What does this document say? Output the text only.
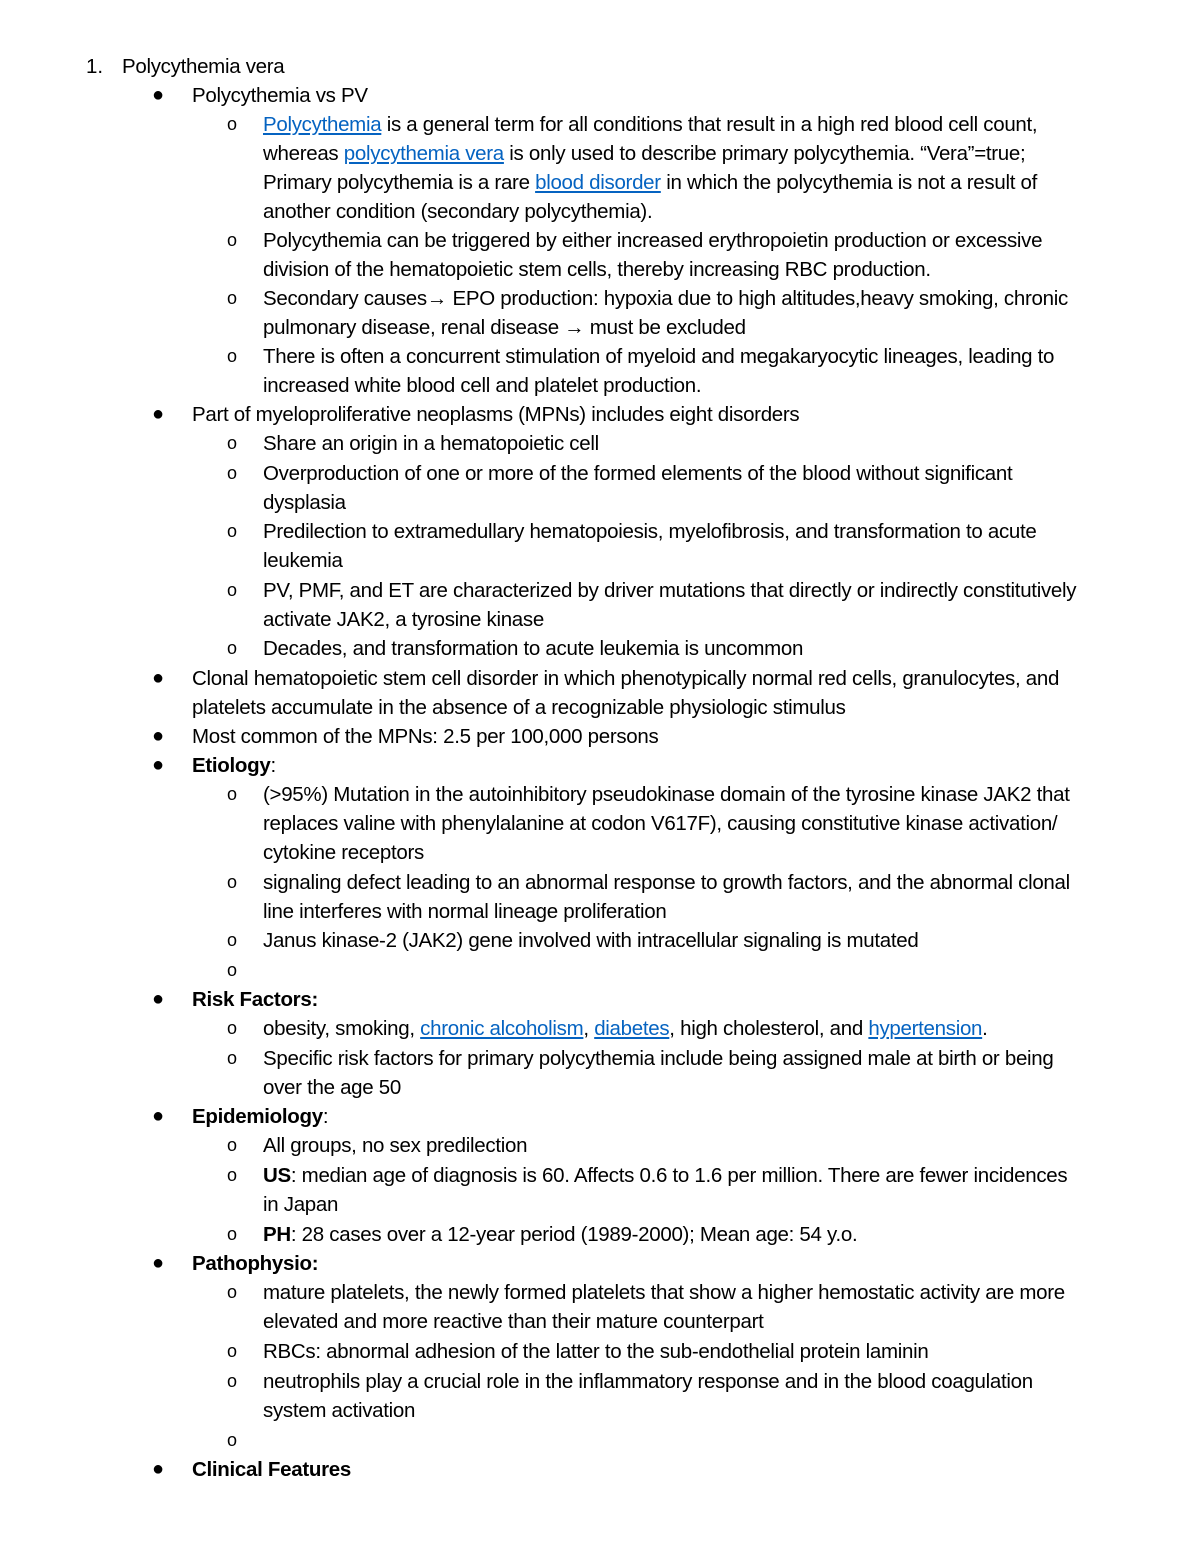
1. Polycythemia vera
● Polycythemia vs PV
o Polycythemia is a general term for all conditions that result in a high red blood cell count,
whereas polycythemia vera is only used to describe primary polycythemia. “Vera”=true;
Primary polycythemia is a rare blood disorder in which the polycythemia is not a result of
another condition (secondary polycythemia).
o Polycythemia can be triggered by either increased erythropoietin production or excessive
division of the hematopoietic stem cells, thereby increasing RBC production.
o Secondary causes→ EPO production: hypoxia due to high altitudes,heavy smoking, chronic
pulmonary disease, renal disease → must be excluded
o There is often a concurrent stimulation of myeloid and megakaryocytic lineages, leading to
increased white blood cell and platelet production.
● Part of myeloproliferative neoplasms (MPNs) includes eight disorders
o Share an origin in a hematopoietic cell
o Overproduction of one or more of the formed elements of the blood without significant
dysplasia
o Predilection to extramedullary hematopoiesis, myelofibrosis, and transformation to acute
leukemia
o PV, PMF, and ET are characterized by driver mutations that directly or indirectly constitutively
activate JAK2, a tyrosine kinase
o Decades, and transformation to acute leukemia is uncommon
● Clonal hematopoietic stem cell disorder in which phenotypically normal red cells, granulocytes, and
platelets accumulate in the absence of a recognizable physiologic stimulus
● Most common of the MPNs: 2.5 per 100,000 persons
● Etiology:
o (>95%) Mutation in the autoinhibitory pseudokinase domain of the tyrosine kinase JAK2 that
replaces valine with phenylalanine at codon V617F), causing constitutive kinase activation/
cytokine receptors
o signaling defect leading to an abnormal response to growth factors, and the abnormal clonal
line interferes with normal lineage proliferation
o Janus kinase-2 (JAK2) gene involved with intracellular signaling is mutated
o
● Risk Factors:
o obesity, smoking, chronic alcoholism, diabetes, high cholesterol, and hypertension.
o Specific risk factors for primary polycythemia include being assigned male at birth or being
over the age 50
● Epidemiology:
o All groups, no sex predilection
o US: median age of diagnosis is 60. Affects 0.6 to 1.6 per million. There are fewer incidences
in Japan
o PH: 28 cases over a 12-year period (1989-2000); Mean age: 54 y.o.
● Pathophysio:
o mature platelets, the newly formed platelets that show a higher hemostatic activity are more
elevated and more reactive than their mature counterpart
o RBCs: abnormal adhesion of the latter to the sub-endothelial protein laminin
o neutrophils play a crucial role in the inflammatory response and in the blood coagulation
system activation
o
● Clinical Features
